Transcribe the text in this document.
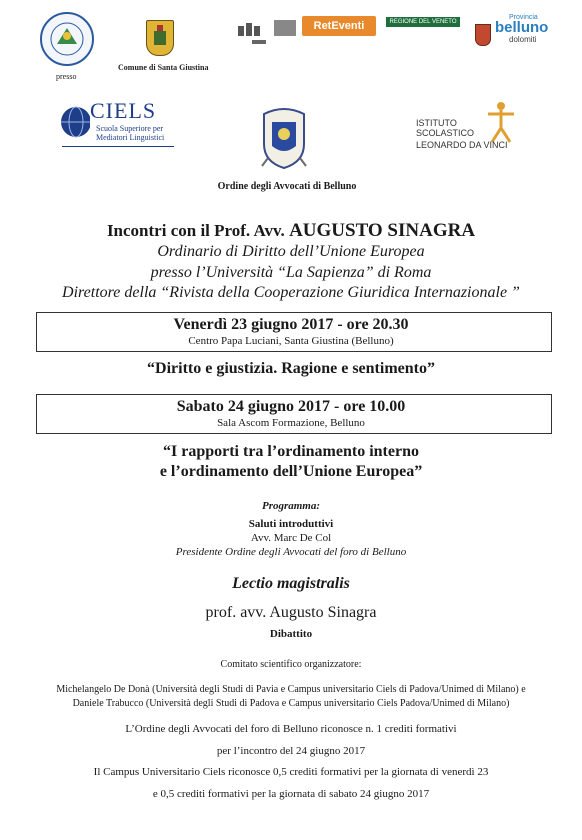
presso
Comune di Santa Giustina
RetEventi	REGIONE DEL VENETO
Provincia
belluno
dolomiti
CIELS
Scuola Superiore per
Mediatori Linguistici
ISTITUTO
SCOLASTICO
LEONARDO DA VINCI
Ordine degli Avvocati di Belluno
Incontri con il Prof. Avv. AUGUSTO SINAGRA
Ordinario di Diritto dell’Unione Europea
presso l’Università “La Sapienza” di Roma
Direttore della “Rivista della Cooperazione Giuridica Internazionale ”
Venerdì 23 giugno 2017 - ore 20.30
Centro Papa Luciani, Santa Giustina (Belluno)
“Diritto e giustizia. Ragione e sentimento”
Sabato 24 giugno 2017 - ore 10.00
Sala Ascom Formazione, Belluno
“I rapporti tra l’ordinamento interno
e l’ordinamento dell’Unione Europea”
Programma:
Saluti introduttivi
Avv. Marc De Col
Presidente Ordine degli Avvocati del foro di Belluno
Lectio magistralis
prof. avv. Augusto Sinagra
Dibattito
Comitato scientifico organizzatore:
Michelangelo De Donà (Università degli Studi di Pavia e Campus universitario Ciels di Padova/Unimed di Milano) e
Daniele Trabucco (Università degli Studi di Padova e Campus universitario Ciels Padova/Unimed di Milano)
L’Ordine degli Avvocati del foro di Belluno riconosce n. 1 crediti formativi
per l’incontro del 24 giugno 2017
Il Campus Universitario Ciels riconosce 0,5 crediti formativi per la giornata di venerdì 23
e 0,5 crediti formativi per la giornata di sabato 24 giugno 2017
